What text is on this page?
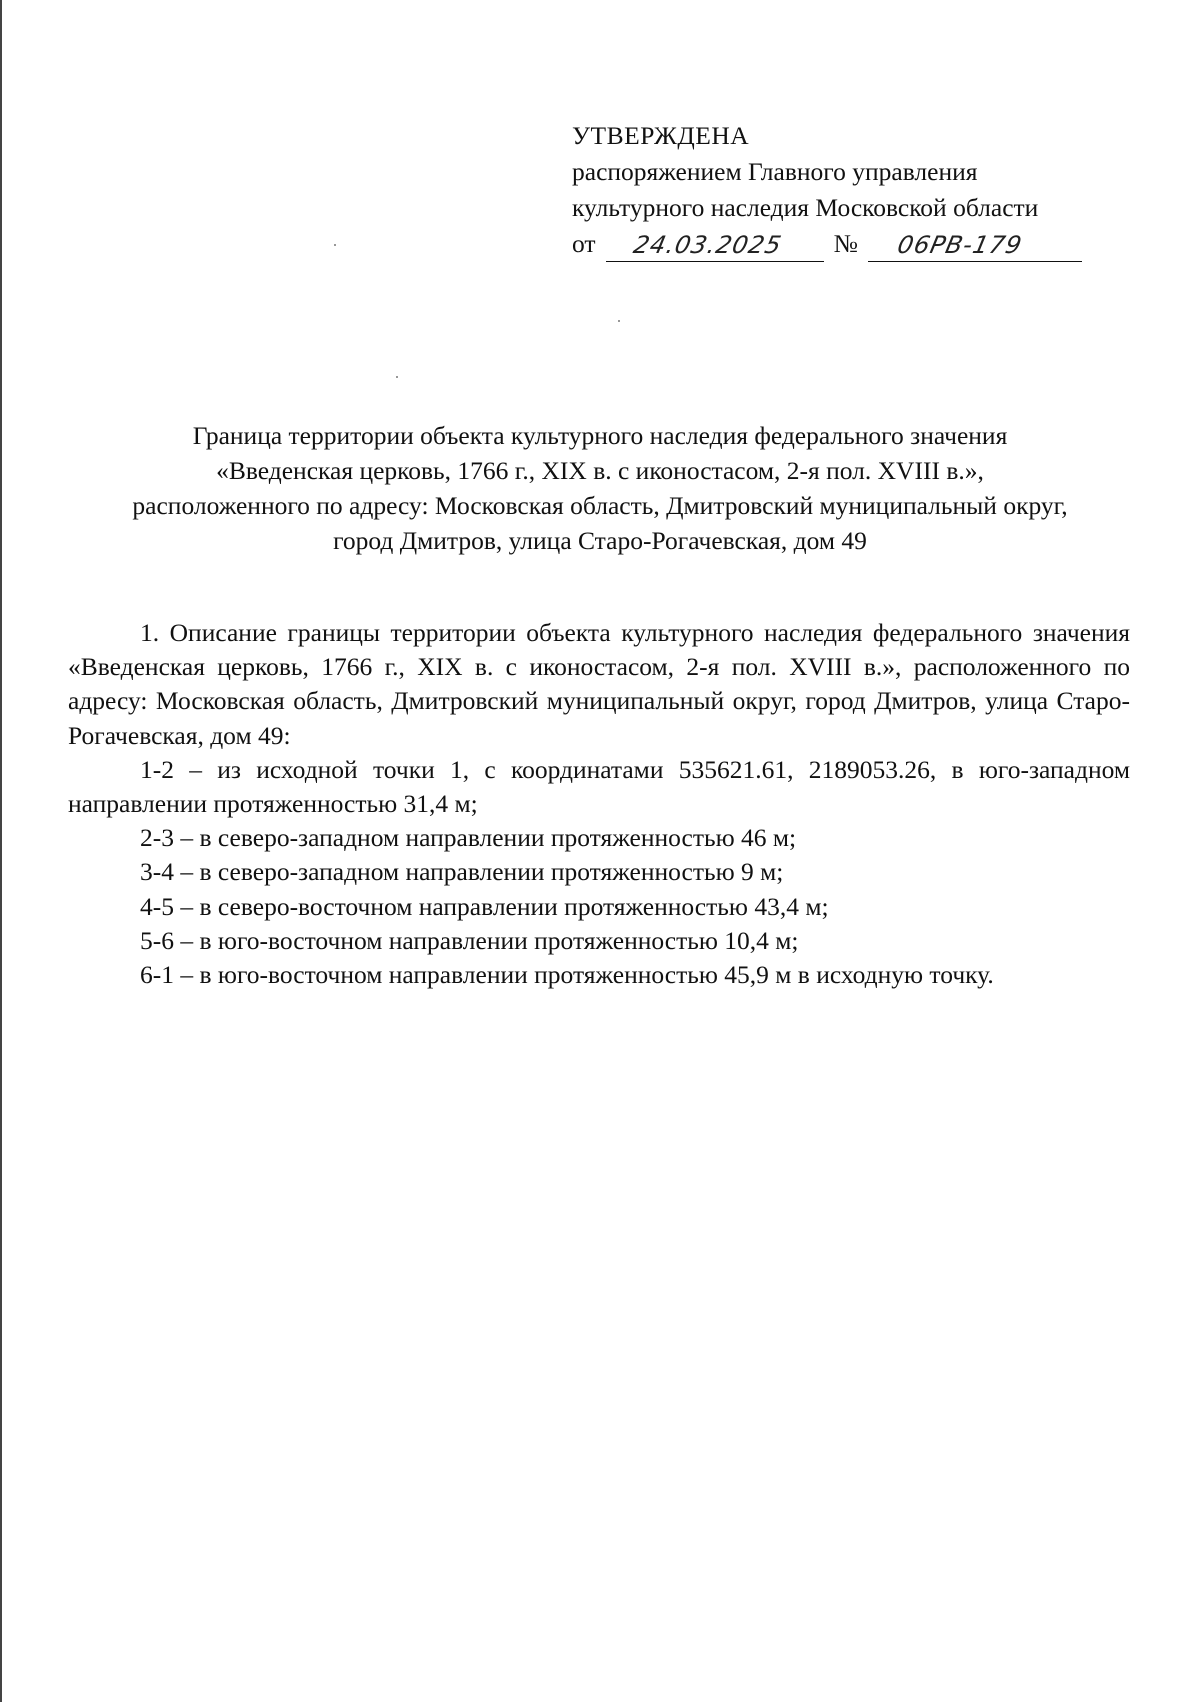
УТВЕРЖДЕНА
распоряжением Главного управления
культурного наследия Московской области
от 24.03.2025 № 06РВ-179
Граница территории объекта культурного наследия федерального значения
«Введенская церковь, 1766 г., XIX в. с иконостасом, 2-я пол. XVIII в.»,
расположенного по адресу: Московская область, Дмитровский муниципальный округ,
город Дмитров, улица Старо-Рогачевская, дом 49

1. Описание границы территории объекта культурного наследия федерального значения «Введенская церковь, 1766 г., XIX в. с иконостасом, 2-я пол. XVIII в.», расположенного по адресу: Московская область, Дмитровский муниципальный округ, город Дмитров, улица Старо-Рогачевская, дом 49:

1-2 – из исходной точки 1, с координатами 535621.61, 2189053.26, в юго-западном направлении протяженностью 31,4 м;

2-3 – в северо-западном направлении протяженностью 46 м;

3-4 – в северо-западном направлении протяженностью 9 м;

4-5 – в северо-восточном направлении протяженностью 43,4 м;

5-6 – в юго-восточном направлении протяженностью 10,4 м;

6-1 – в юго-восточном направлении протяженностью 45,9 м в исходную точку.
